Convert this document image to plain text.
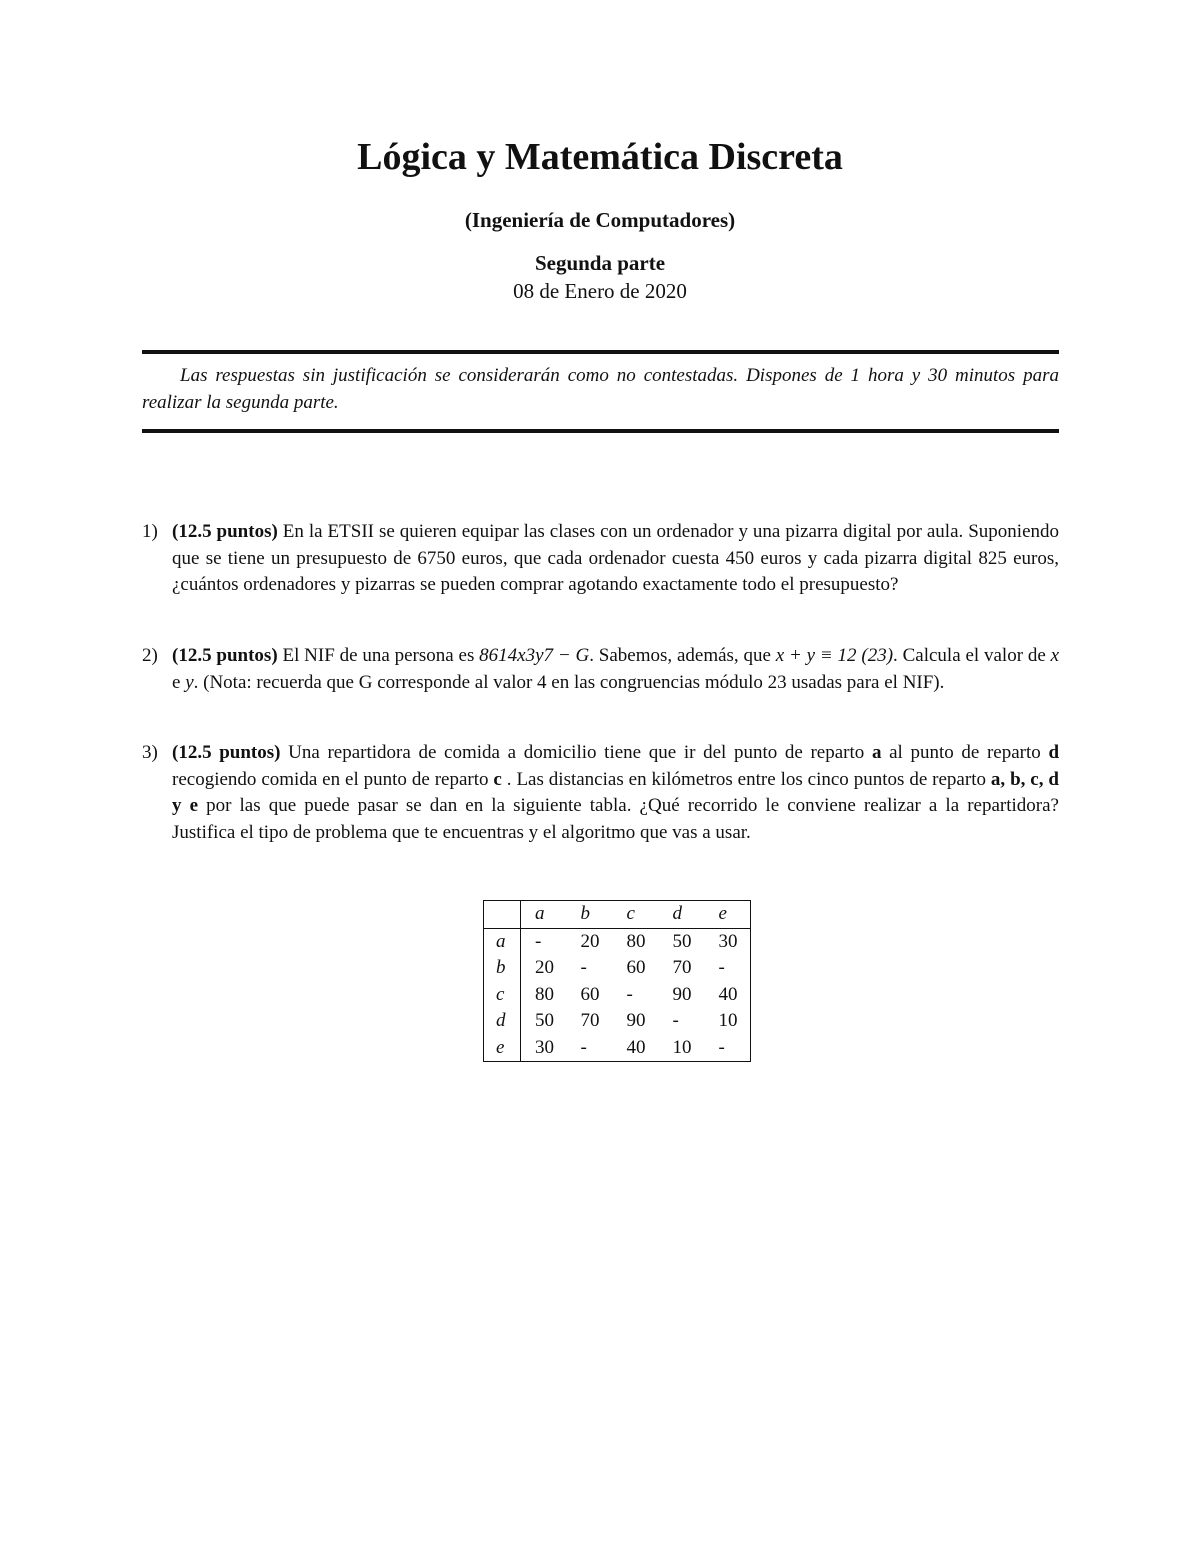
Lógica y Matemática Discreta
(Ingeniería de Computadores)
Segunda parte
08 de Enero de 2020
Las respuestas sin justificación se considerarán como no contestadas. Dispones de 1 hora y 30 minutos para realizar la segunda parte.
1) (12.5 puntos) En la ETSII se quieren equipar las clases con un ordenador y una pizarra digital por aula. Suponiendo que se tiene un presupuesto de 6750 euros, que cada ordenador cuesta 450 euros y cada pizarra digital 825 euros, ¿cuántos ordenadores y pizarras se pueden comprar agotando exactamente todo el presupuesto?
2) (12.5 puntos) El NIF de una persona es 8614x3y7 − G. Sabemos, además, que x + y ≡ 12 (23). Calcula el valor de x e y. (Nota: recuerda que G corresponde al valor 4 en las congruencias módulo 23 usadas para el NIF).
3) (12.5 puntos) Una repartidora de comida a domicilio tiene que ir del punto de reparto a al punto de reparto d recogiendo comida en el punto de reparto c . Las distancias en kilómetros entre los cinco puntos de reparto a, b, c, d y e por las que puede pasar se dan en la siguiente tabla. ¿Qué recorrido le conviene realizar a la repartidora? Justifica el tipo de problema que te encuentras y el algoritmo que vas a usar.
	a	b	c	d	e
a	-	20	80	50	30
b	20	-	60	70	-
c	80	60	-	90	40
d	50	70	90	-	10
e	30	-	40	10	-
